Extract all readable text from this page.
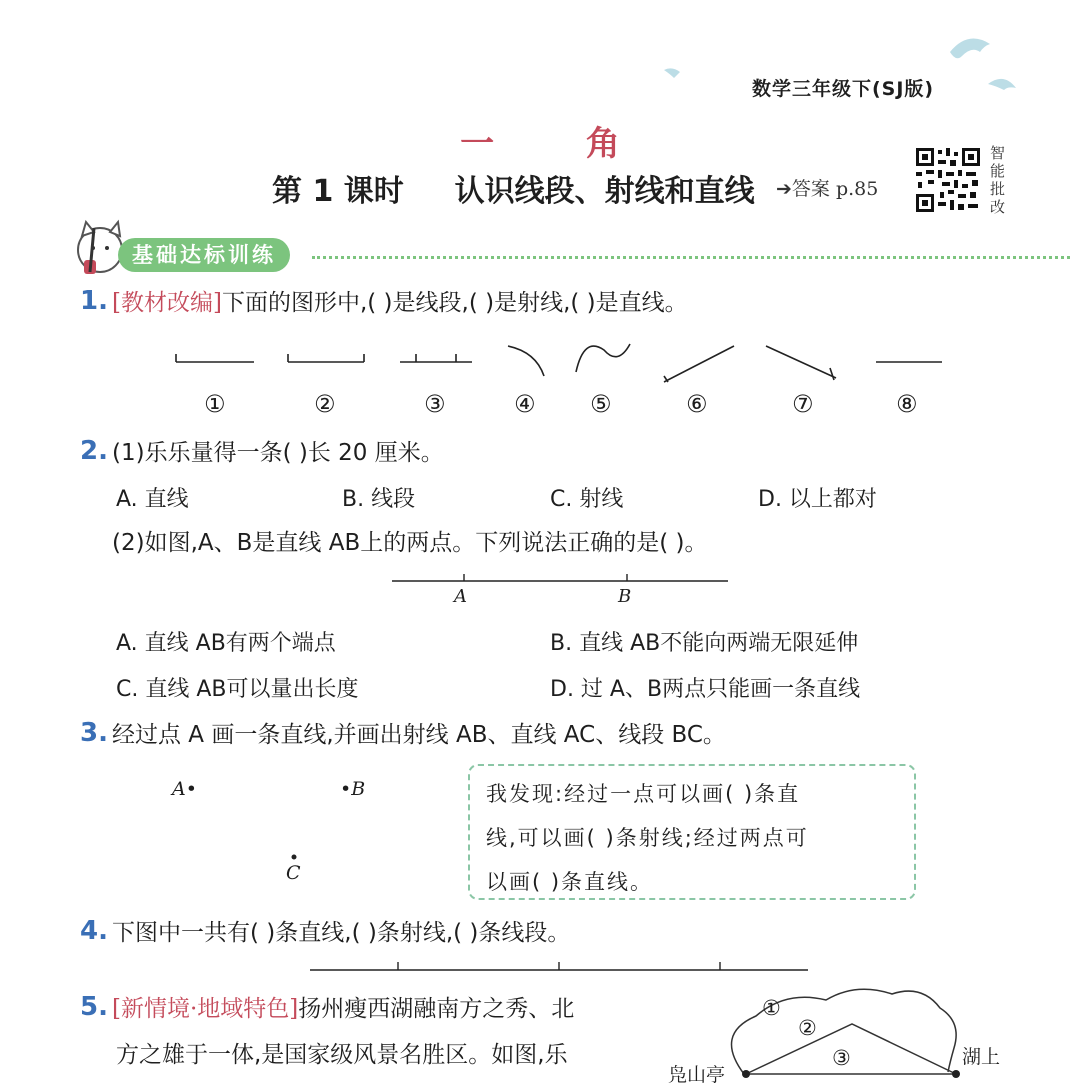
数学三年级下(SJ版)
一 角
第 1 课时 认识线段、射线和直线 ➔答案 p.85
智
能
批
改
基础达标训练
1. [教材改编]下面的图形中,( )是线段,( )是射线,( )是直线。
①	②	③	④ ⑤	⑥	⑦	⑧
2. (1)乐乐量得一条( )长 20 厘米。
A. 直线	B. 线段	C. 射线	D. 以上都对
(2)如图,A、B是直线 AB上的两点。下列说法正确的是( )。
A	B
A. 直线 AB有两个端点	B. 直线 AB不能向两端无限延伸
C. 直线 AB可以量出长度	D. 过 A、B两点只能画一条直线
3. 经过点 A 画一条直线,并画出射线 AB、直线 AC、线段 BC。
A•	•B
C
我发现:经过一点可以画( )条直
线,可以画( )条射线;经过两点可
以画( )条直线。
4. 下图中一共有( )条直线,( )条射线,( )条线段。
5. [新情境·地域特色]扬州瘦西湖融南方之秀、北
方之雄于一体,是国家级风景名胜区。如图,乐
①
②
③
凫山亭
湖上
